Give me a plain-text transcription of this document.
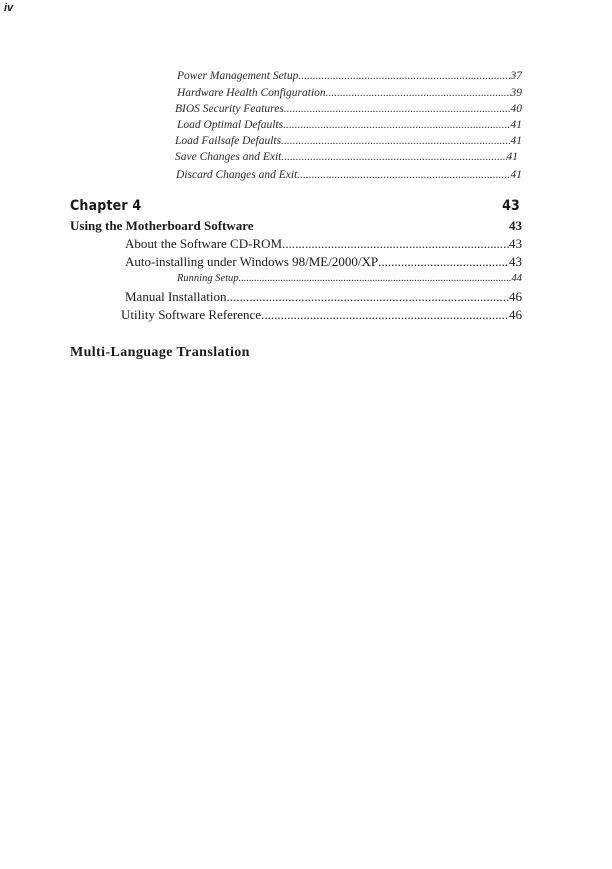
iv
Power Management Setup .....	37
Hardware Health Configuration .....	39
BIOS Security Features .....	40
Load Optimal Defaults .....	41
Load Failsafe Defaults .....	41
Save Changes and Exit .....	41
Discard Changes and Exit .....	41
Chapter 4	43
Using the Motherboard Software	43
About the Software CD-ROM .....	43
Auto-installing under Windows 98/ME/2000/XP .....	43
Running Setup .....	44
Manual Installation .....	46
Utility Software Reference .....	46
Multi-Language Translation
